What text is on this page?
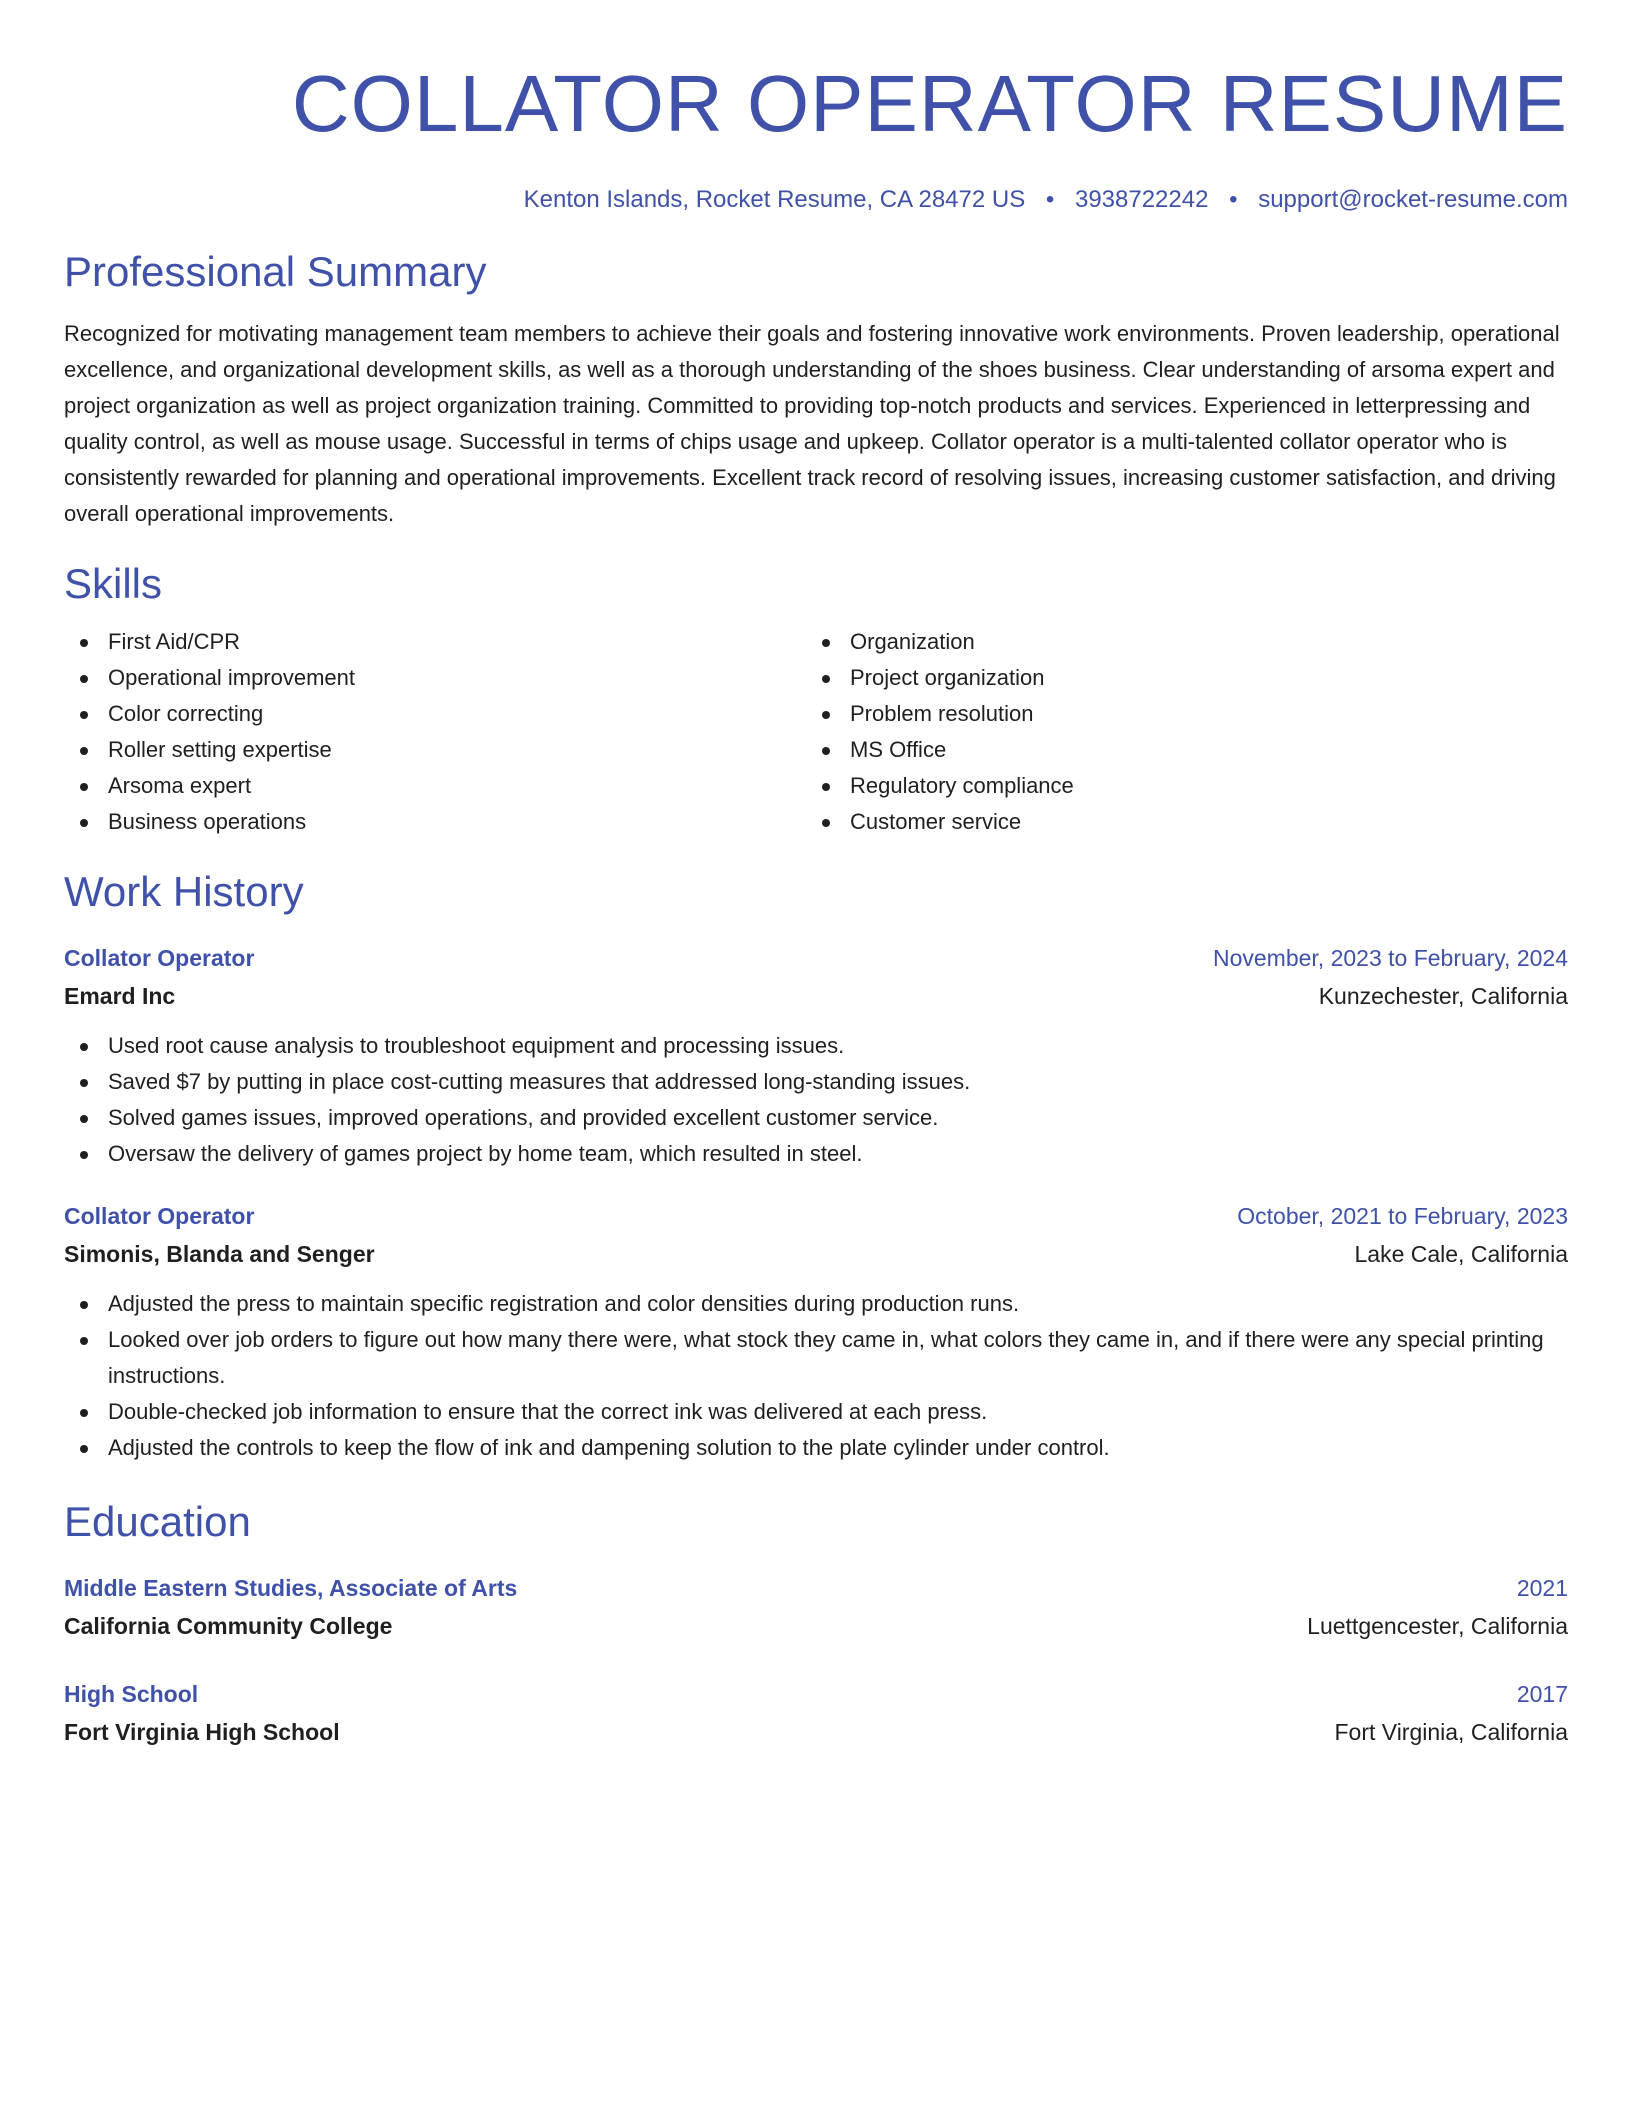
COLLATOR OPERATOR RESUME
Kenton Islands, Rocket Resume, CA 28472 US • 3938722242 • support@rocket-resume.com
Professional Summary
Recognized for motivating management team members to achieve their goals and fostering innovative work environments. Proven leadership, operational excellence, and organizational development skills, as well as a thorough understanding of the shoes business. Clear understanding of arsoma expert and project organization as well as project organization training. Committed to providing top-notch products and services. Experienced in letterpressing and quality control, as well as mouse usage. Successful in terms of chips usage and upkeep. Collator operator is a multi-talented collator operator who is consistently rewarded for planning and operational improvements. Excellent track record of resolving issues, increasing customer satisfaction, and driving overall operational improvements.
Skills
First Aid/CPR
Operational improvement
Color correcting
Roller setting expertise
Arsoma expert
Business operations
Organization
Project organization
Problem resolution
MS Office
Regulatory compliance
Customer service
Work History
Collator Operator	November, 2023 to February, 2024
Emard Inc	Kunzechester, California
Used root cause analysis to troubleshoot equipment and processing issues.
Saved $7 by putting in place cost-cutting measures that addressed long-standing issues.
Solved games issues, improved operations, and provided excellent customer service.
Oversaw the delivery of games project by home team, which resulted in steel.
Collator Operator	October, 2021 to February, 2023
Simonis, Blanda and Senger	Lake Cale, California
Adjusted the press to maintain specific registration and color densities during production runs.
Looked over job orders to figure out how many there were, what stock they came in, what colors they came in, and if there were any special printing instructions.
Double-checked job information to ensure that the correct ink was delivered at each press.
Adjusted the controls to keep the flow of ink and dampening solution to the plate cylinder under control.
Education
Middle Eastern Studies, Associate of Arts	2021
California Community College	Luettgencester, California
High School	2017
Fort Virginia High School	Fort Virginia, California
